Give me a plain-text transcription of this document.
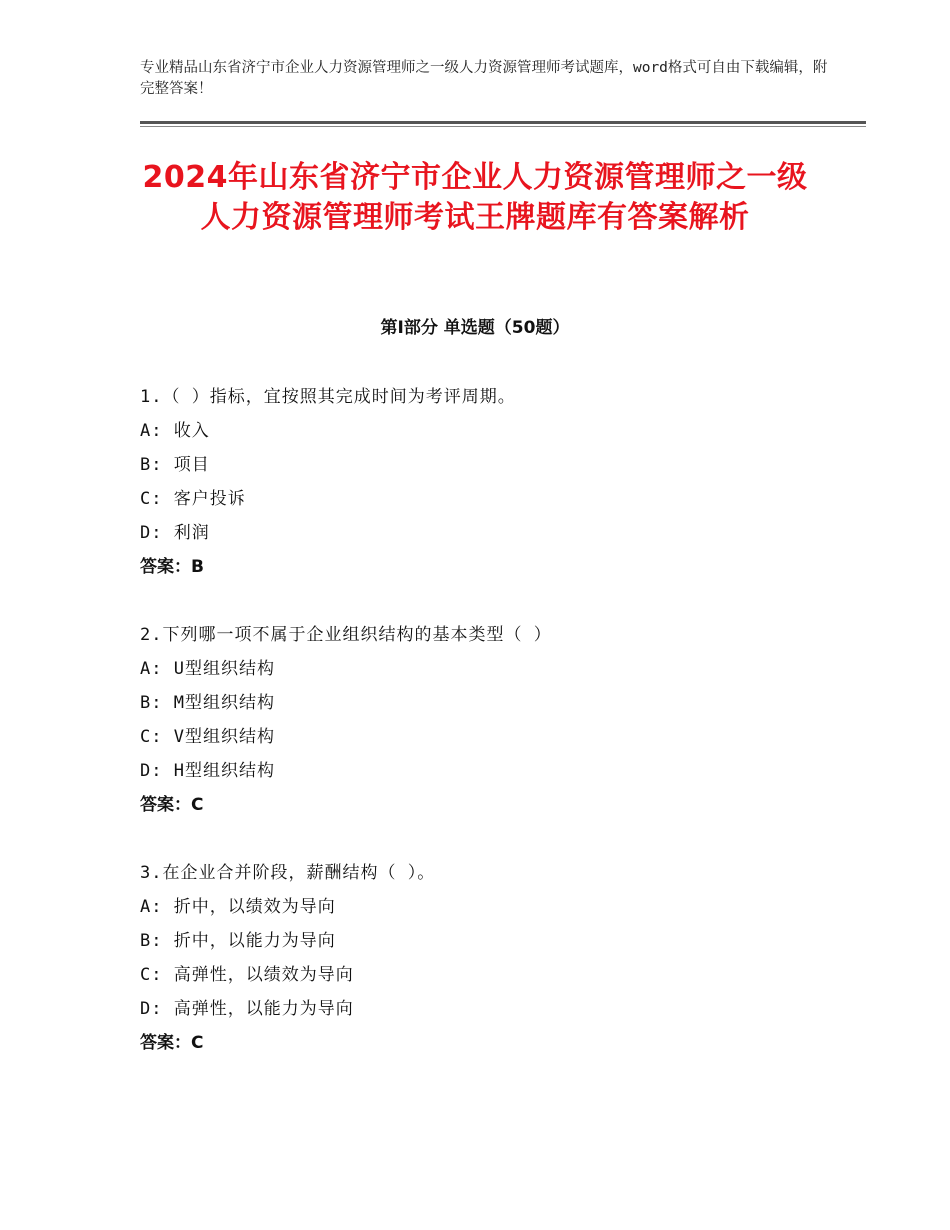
专业精品山东省济宁市企业人力资源管理师之一级人力资源管理师考试题库，word格式可自由下载编辑，附完整答案！
2024年山东省济宁市企业人力资源管理师之一级人力资源管理师考试王牌题库有答案解析
第Ⅰ部分 单选题（50题）
1.（ ）指标，宜按照其完成时间为考评周期。
A: 收入
B: 项目
C: 客户投诉
D: 利润
答案：B
2.下列哪一项不属于企业组织结构的基本类型（ ）
A: U型组织结构
B: M型组织结构
C: V型组织结构
D: H型组织结构
答案：C
3.在企业合并阶段，薪酬结构（ ）。
A: 折中，以绩效为导向
B: 折中，以能力为导向
C: 高弹性，以绩效为导向
D: 高弹性，以能力为导向
答案：C
